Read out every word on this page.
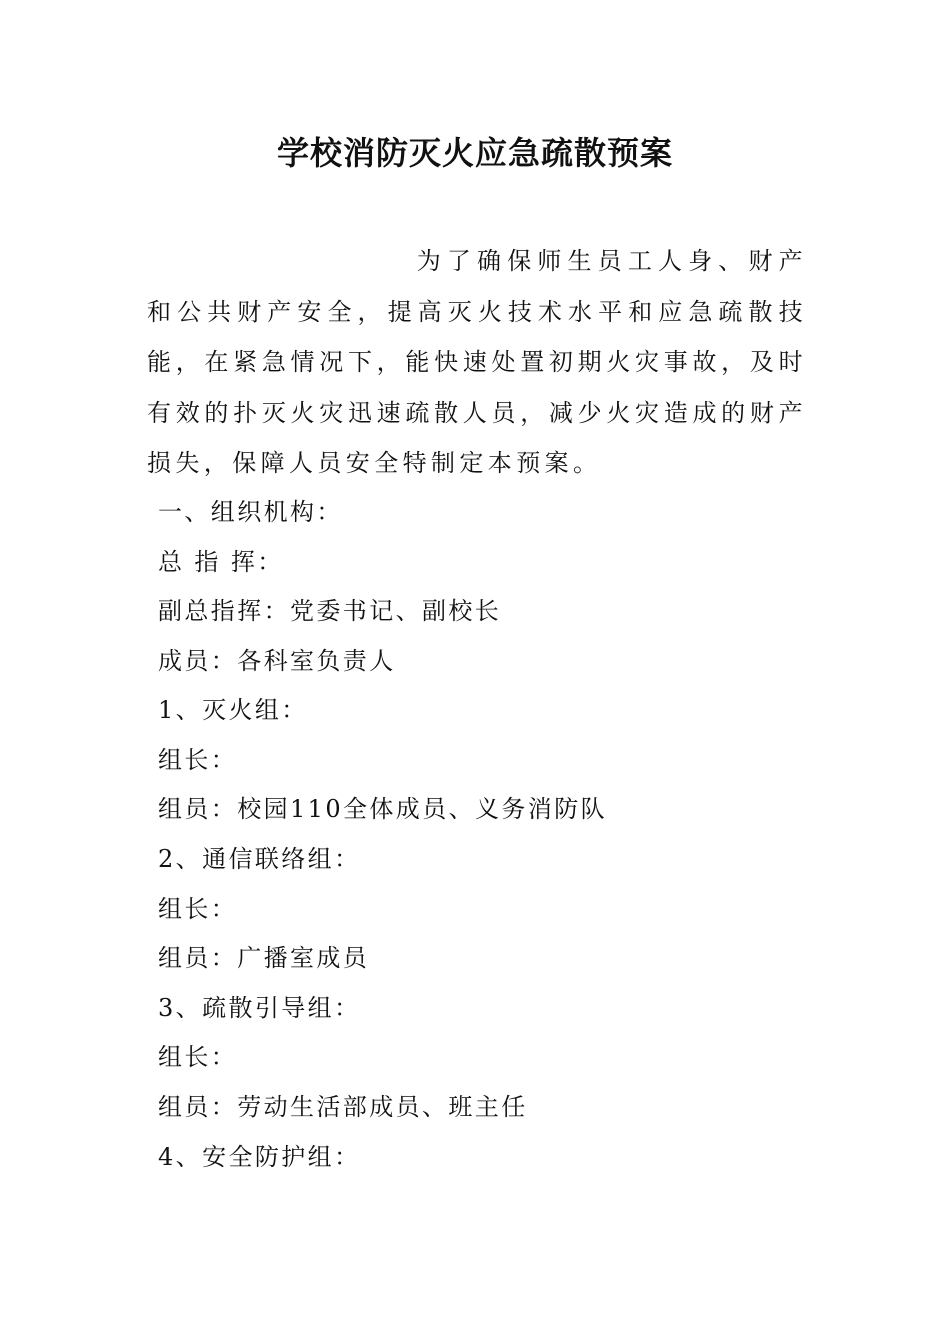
学校消防灭火应急疏散预案
为了确保师生员工人身、财产和公共财产安全，提高灭火技术水平和应急疏散技能，在紧急情况下，能快速处置初期火灾事故，及时有效的扑灭火灾迅速疏散人员，减少火灾造成的财产损失，保障人员安全特制定本预案。
一、组织机构：
总 指 挥：
副总指挥：党委书记、副校长
成员：各科室负责人
1、灭火组：
组长：
组员：校园110全体成员、义务消防队
2、通信联络组：
组长：
组员：广播室成员
3、疏散引导组：
组长：
组员：劳动生活部成员、班主任
4、安全防护组：
